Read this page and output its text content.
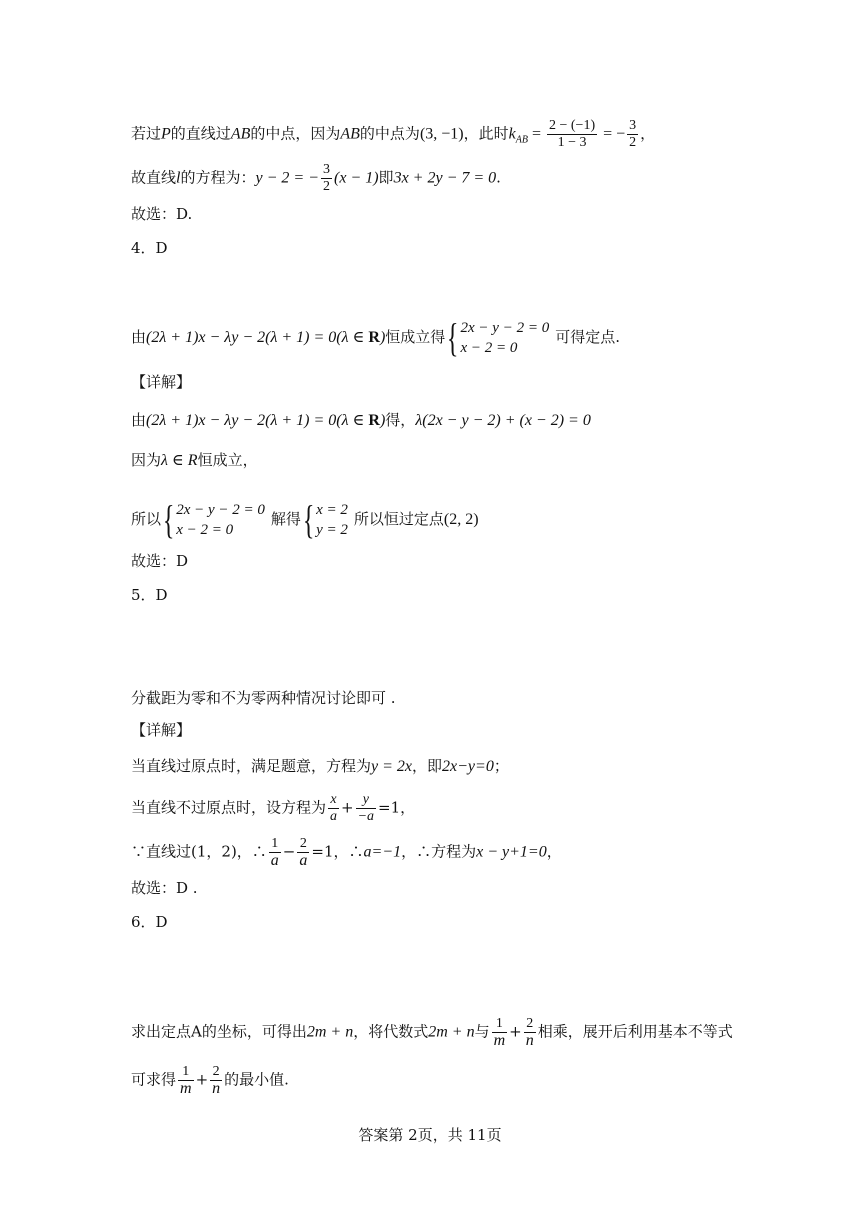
若过P的直线过AB的中点，因为AB的中点为(3, −1)，此时$k_{AB} = \frac{2 - (-1)}{1 - 3}$ = − $\frac{3}{2}$ ，
故直线l的方程为：y − 2 = − $\frac{3}{2} (x - 1)$即3x + 2y − 7 = 0.
故选：D.
4．D
由(2λ + 1)x − λy − 2(λ + 1) = 0(λ ∈ R)恒成立得{ 2x − y − 2 = 0
x − 2 = 0
可得定点.
【详解】
由(2λ + 1)x − λy − 2(λ + 1) = 0(λ ∈ R)得，λ(2x − y − 2) + (x − 2) = 0
因为λ ∈ R恒成立，
所以{ 2x − y − 2 = 0
x − 2 = 0
解得{ x = 2
y = 2
所以恒过定点(2, 2)
故选：D
5．D
分截距为零和不为零两种情况讨论即可 .
【详解】
当直线过原点时，满足题意，方程为y = 2x，即2x−y=0；
当直线不过原点时，设方程为 $\frac{x}{a} + \frac{y}{-a} =1$，
∵直线过(1，2)，∴ $\frac{1}{a} - \frac{2}{a} =1$，∴a=−1，∴方程为x − y+1=0，
故选：D .
6．D
求出定点A的坐标，可得出2m + n，将代数式2m + n与 $\frac{1}{m} + \frac{2}{n}$ 相乘，展开后利用基本不等式
可求得 $\frac{1}{m} + \frac{2}{n}$ 的最小值.
答案第 2页，共 11页
